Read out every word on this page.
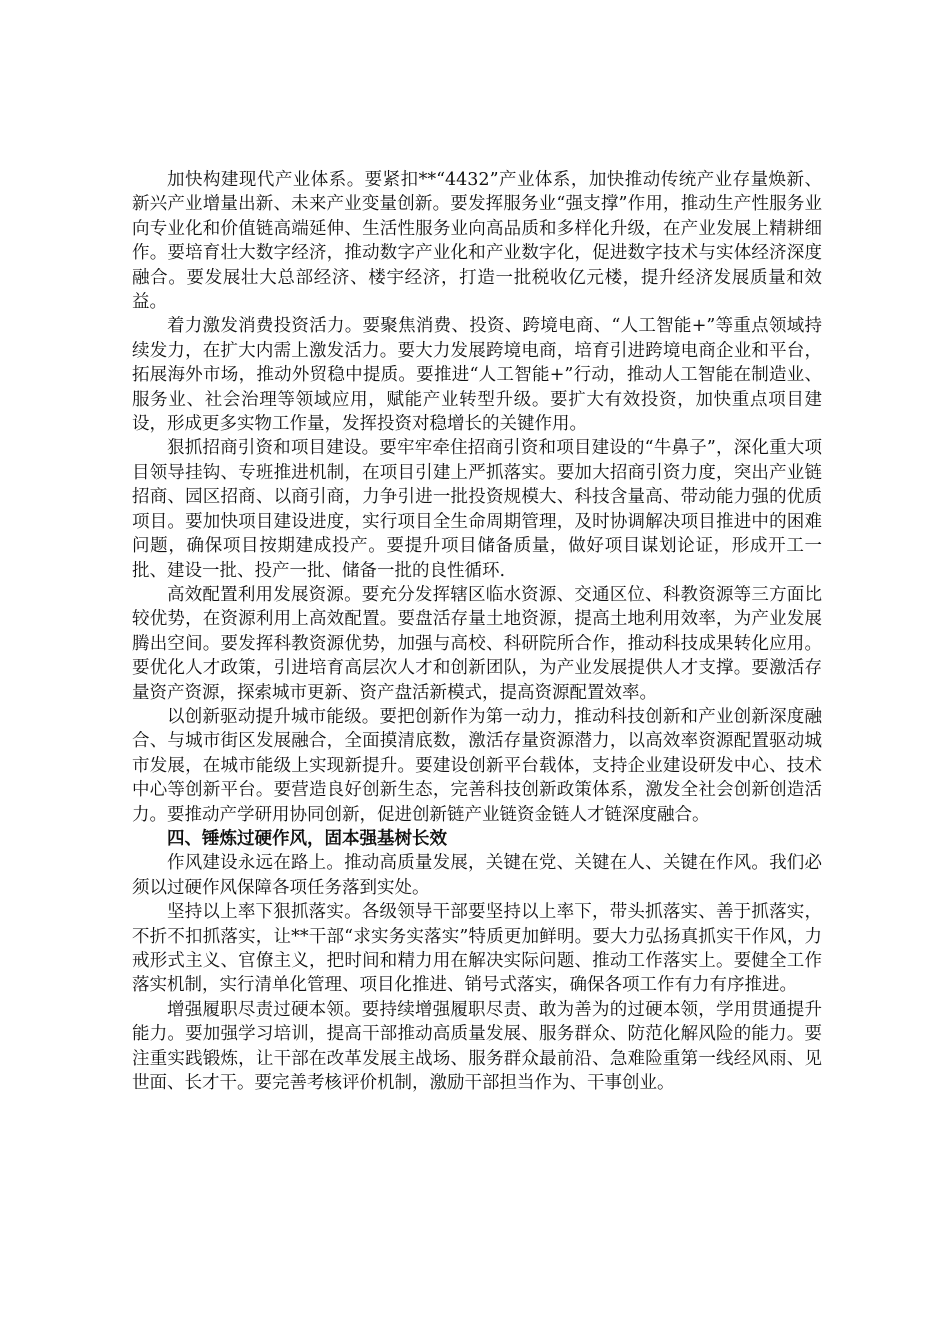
加快构建现代产业体系。要紧扣**“4432”产业体系，加快推动传统产业存量焕新、新兴产业增量出新、未来产业变量创新。要发挥服务业“强支撑”作用，推动生产性服务业向专业化和价值链高端延伸、生活性服务业向高品质和多样化升级，在产业发展上精耕细作。要培育壮大数字经济，推动数字产业化和产业数字化，促进数字技术与实体经济深度融合。要发展壮大总部经济、楼宇经济，打造一批税收亿元楼，提升经济发展质量和效益。

着力激发消费投资活力。要聚焦消费、投资、跨境电商、“人工智能+”等重点领域持续发力，在扩大内需上激发活力。要大力发展跨境电商，培育引进跨境电商企业和平台，拓展海外市场，推动外贸稳中提质。要推进“人工智能+”行动，推动人工智能在制造业、服务业、社会治理等领域应用，赋能产业转型升级。要扩大有效投资，加快重点项目建设，形成更多实物工作量，发挥投资对稳增长的关键作用。

狠抓招商引资和项目建设。要牢牢牵住招商引资和项目建设的“牛鼻子”，深化重大项目领导挂钩、专班推进机制，在项目引建上严抓落实。要加大招商引资力度，突出产业链招商、园区招商、以商引商，力争引进一批投资规模大、科技含量高、带动能力强的优质项目。要加快项目建设进度，实行项目全生命周期管理，及时协调解决项目推进中的困难问题，确保项目按期建成投产。要提升项目储备质量，做好项目谋划论证，形成开工一批、建设一批、投产一批、储备一批的良性循环.

高效配置利用发展资源。要充分发挥辖区临水资源、交通区位、科教资源等三方面比较优势，在资源利用上高效配置。要盘活存量土地资源，提高土地利用效率，为产业发展腾出空间。要发挥科教资源优势，加强与高校、科研院所合作，推动科技成果转化应用。要优化人才政策，引进培育高层次人才和创新团队，为产业发展提供人才支撑。要激活存量资产资源，探索城市更新、资产盘活新模式，提高资源配置效率。

以创新驱动提升城市能级。要把创新作为第一动力，推动科技创新和产业创新深度融合、与城市街区发展融合，全面摸清底数，激活存量资源潜力，以高效率资源配置驱动城市发展，在城市能级上实现新提升。要建设创新平台载体，支持企业建设研发中心、技术中心等创新平台。要营造良好创新生态，完善科技创新政策体系，激发全社会创新创造活力。要推动产学研用协同创新，促进创新链产业链资金链人才链深度融合。

四、锤炼过硬作风，固本强基树长效

作风建设永远在路上。推动高质量发展，关键在党、关键在人、关键在作风。我们必须以过硬作风保障各项任务落到实处。

坚持以上率下狠抓落实。各级领导干部要坚持以上率下，带头抓落实、善于抓落实，不折不扣抓落实，让**干部“求实务实落实”特质更加鲜明。要大力弘扬真抓实干作风，力戒形式主义、官僚主义，把时间和精力用在解决实际问题、推动工作落实上。要健全工作落实机制，实行清单化管理、项目化推进、销号式落实，确保各项工作有力有序推进。

增强履职尽责过硬本领。要持续增强履职尽责、敢为善为的过硬本领，学用贯通提升能力。要加强学习培训，提高干部推动高质量发展、服务群众、防范化解风险的能力。要注重实践锻炼，让干部在改革发展主战场、服务群众最前沿、急难险重第一线经风雨、见世面、长才干。要完善考核评价机制，激励干部担当作为、干事创业。
